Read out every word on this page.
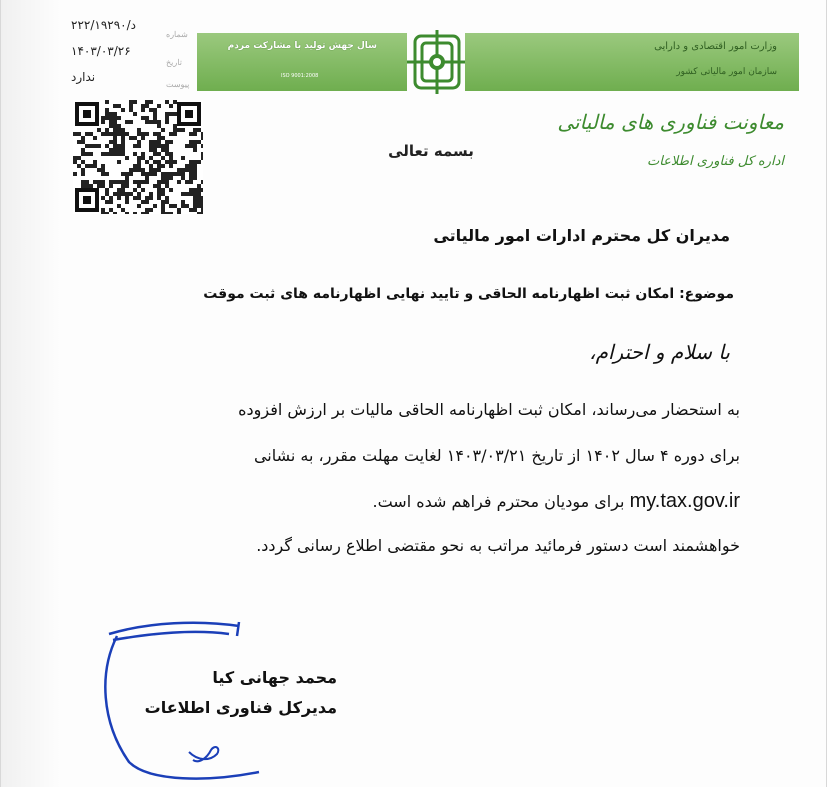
سال جهش تولید با مشارکت مردم
ISO 9001:2008
وزارت امور اقتصادی و دارایی
سازمان امور مالیاتی کشور
معاونت فناوری های مالیاتی
اداره کل فناوری اطلاعات
د/۲۲۲/۱۹۲۹۰
۱۴۰۳/۰۳/۲۶
ندارد
شماره
تاریخ
پیوست
بسمه تعالی
مدیران کل محترم ادارات امور مالیاتی
موضوع: امکان ثبت اظهارنامه الحاقی و تایید نهایی اظهارنامه های ثبت موقت
با سلام و احترام،
به استحضار می‌رساند، امکان ثبت اظهارنامه الحاقی مالیات بر ارزش افزوده
برای دوره ۴ سال ۱۴۰۲ از تاریخ ۱۴۰۳/۰۳/۲۱ لغایت مهلت مقرر، به نشانی
my.tax.gov.ir برای مودیان محترم فراهم شده است.
خواهشمند است دستور فرمائید مراتب به نحو مقتضی اطلاع رسانی گردد.
محمد جهانی کیا
مدیرکل فناوری اطلاعات
